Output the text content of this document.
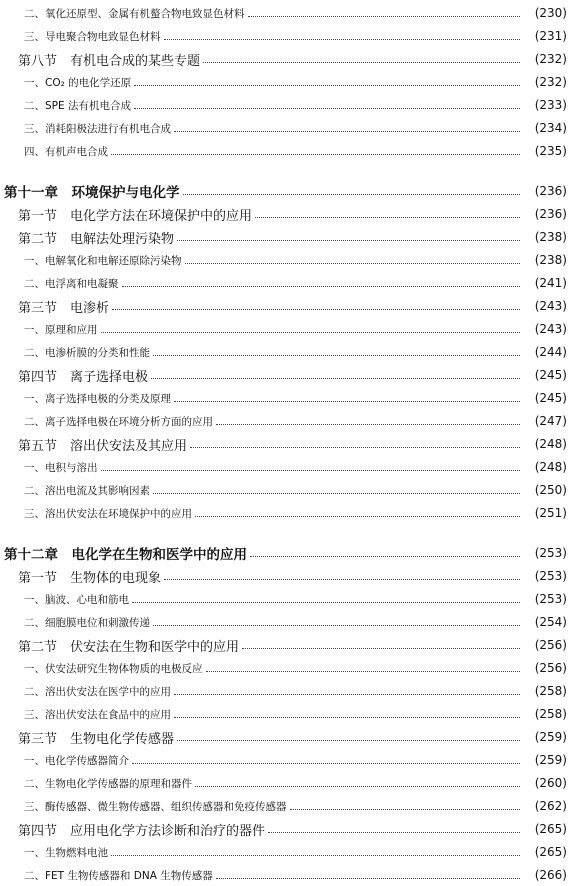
二、氧化还原型、金属有机螯合物电致显色材料	(230)
三、导电聚合物电致显色材料	(231)
第八节　有机电合成的某些专题	(232)
一、CO₂ 的电化学还原	(232)
二、SPE 法有机电合成	(233)
三、消耗阳极法进行有机电合成	(234)
四、有机声电合成	(235)
第十一章　环境保护与电化学	(236)
第一节　电化学方法在环境保护中的应用	(236)
第二节　电解法处理污染物	(238)
一、电解氧化和电解还原除污染物	(238)
二、电浮离和电凝聚	(241)
第三节　电渗析	(243)
一、原理和应用	(243)
二、电渗析膜的分类和性能	(244)
第四节　离子选择电极	(245)
一、离子选择电极的分类及原理	(245)
二、离子选择电极在环境分析方面的应用	(247)
第五节　溶出伏安法及其应用	(248)
一、电积与溶出	(248)
二、溶出电流及其影响因素	(250)
三、溶出伏安法在环境保护中的应用	(251)
第十二章　电化学在生物和医学中的应用	(253)
第一节　生物体的电现象	(253)
一、脑波、心电和筋电	(253)
二、细胞膜电位和刺激传递	(254)
第二节　伏安法在生物和医学中的应用	(256)
一、伏安法研究生物体物质的电极反应	(256)
二、溶出伏安法在医学中的应用	(258)
三、溶出伏安法在食品中的应用	(258)
第三节　生物电化学传感器	(259)
一、电化学传感器简介	(259)
二、生物电化学传感器的原理和器件	(260)
三、酶传感器、微生物传感器、组织传感器和免疫传感器	(262)
第四节　应用电化学方法诊断和治疗的器件	(265)
一、生物燃料电池	(265)
二、FET 生物传感器和 DNA 生物传感器	(266)
